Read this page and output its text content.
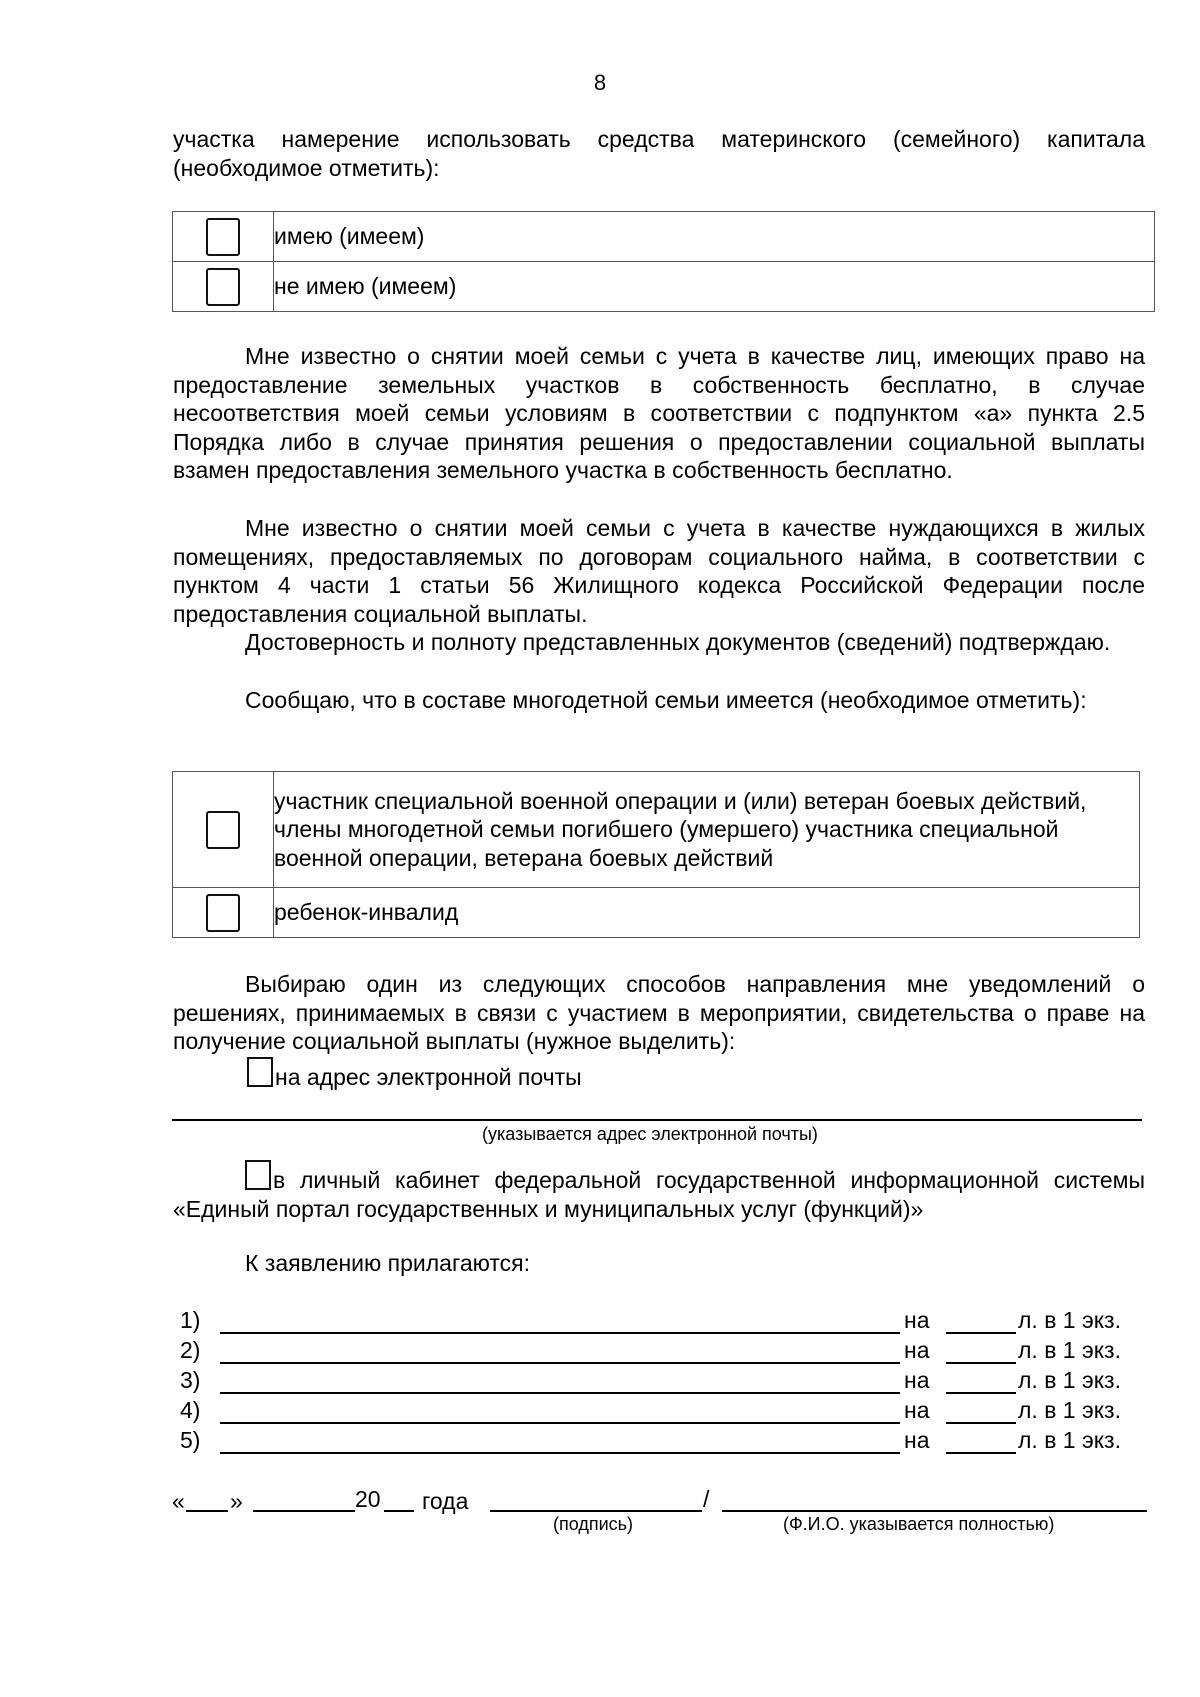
8
участка намерение использовать средства материнского (семейного) капитала (необходимое отметить):
	имею (имеем)
	не имею (имеем)
Мне известно о снятии моей семьи с учета в качестве лиц, имеющих право на предоставление земельных участков в собственность бесплатно, в случае несоответствия моей семьи условиям в соответствии с подпунктом «а» пункта 2.5 Порядка либо в случае принятия решения о предоставлении социальной выплаты взамен предоставления земельного участка в собственность бесплатно.
Мне известно о снятии моей семьи с учета в качестве нуждающихся в жилых помещениях, предоставляемых по договорам социального найма, в соответствии с пунктом 4 части 1 статьи 56 Жилищного кодекса Российской Федерации после предоставления социальной выплаты.
Достоверность и полноту представленных документов (сведений) подтверждаю.
Сообщаю, что в составе многодетной семьи имеется (необходимое отметить):
	участник специальной военной операции и (или) ветеран боевых действий, члены многодетной семьи погибшего (умершего) участника специальной военной операции, ветерана боевых действий
	ребенок-инвалид
Выбираю один из следующих способов направления мне уведомлений о решениях, принимаемых в связи с участием в мероприятии, свидетельства о праве на получение социальной выплаты (нужное выделить):
на адрес электронной почты
(указывается адрес электронной почты)
в личный кабинет федеральной государственной информационной системы «Единый портал государственных и муниципальных услуг (функций)»
К заявлению прилагаются:
1)	на	л. в 1 экз.
2)	на	л. в 1 экз.
3)	на	л. в 1 экз.
4)	на	л. в 1 экз.
5)	на	л. в 1 экз.
« »	20 года	/
(подпись)	(Ф.И.О. указывается полностью)
